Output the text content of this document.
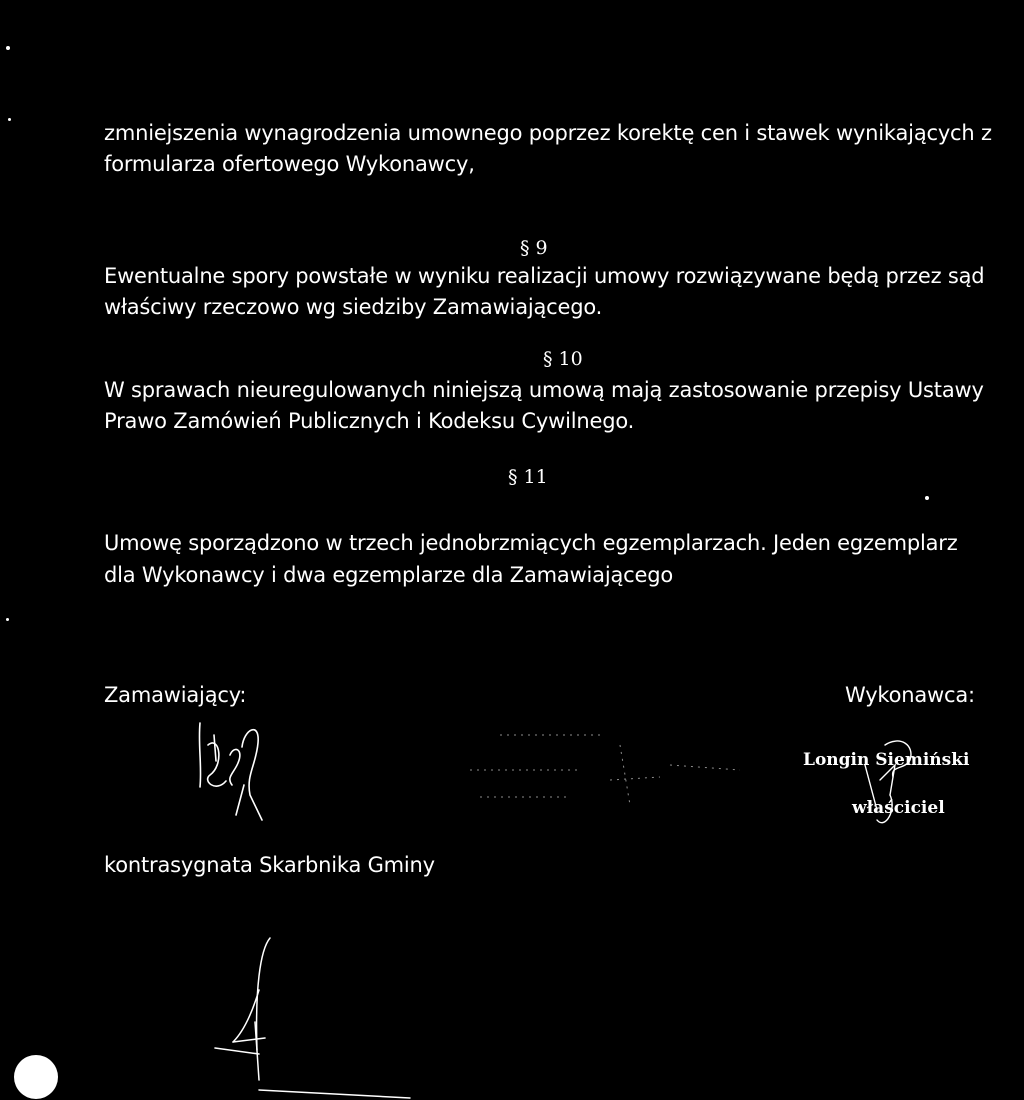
zmniejszenia wynagrodzenia umownego poprzez korektę cen i stawek wynikających z
formularza ofertowego Wykonawcy,
§ 9
Ewentualne spory powstałe w wyniku realizacji umowy rozwiązywane będą przez sąd
właściwy rzeczowo wg siedziby Zamawiającego.
§ 10
W sprawach nieuregulowanych niniejszą umową mają zastosowanie przepisy Ustawy
Prawo Zamówień Publicznych i Kodeksu Cywilnego.
§ 11
Umowę sporządzono w trzech jednobrzmiących egzemplarzach. Jeden egzemplarz
dla Wykonawcy i dwa egzemplarze dla Zamawiającego
Zamawiający:	Wykonawca:
kontrasygnata Skarbnika Gminy
Longin Siemiński
właściciel
